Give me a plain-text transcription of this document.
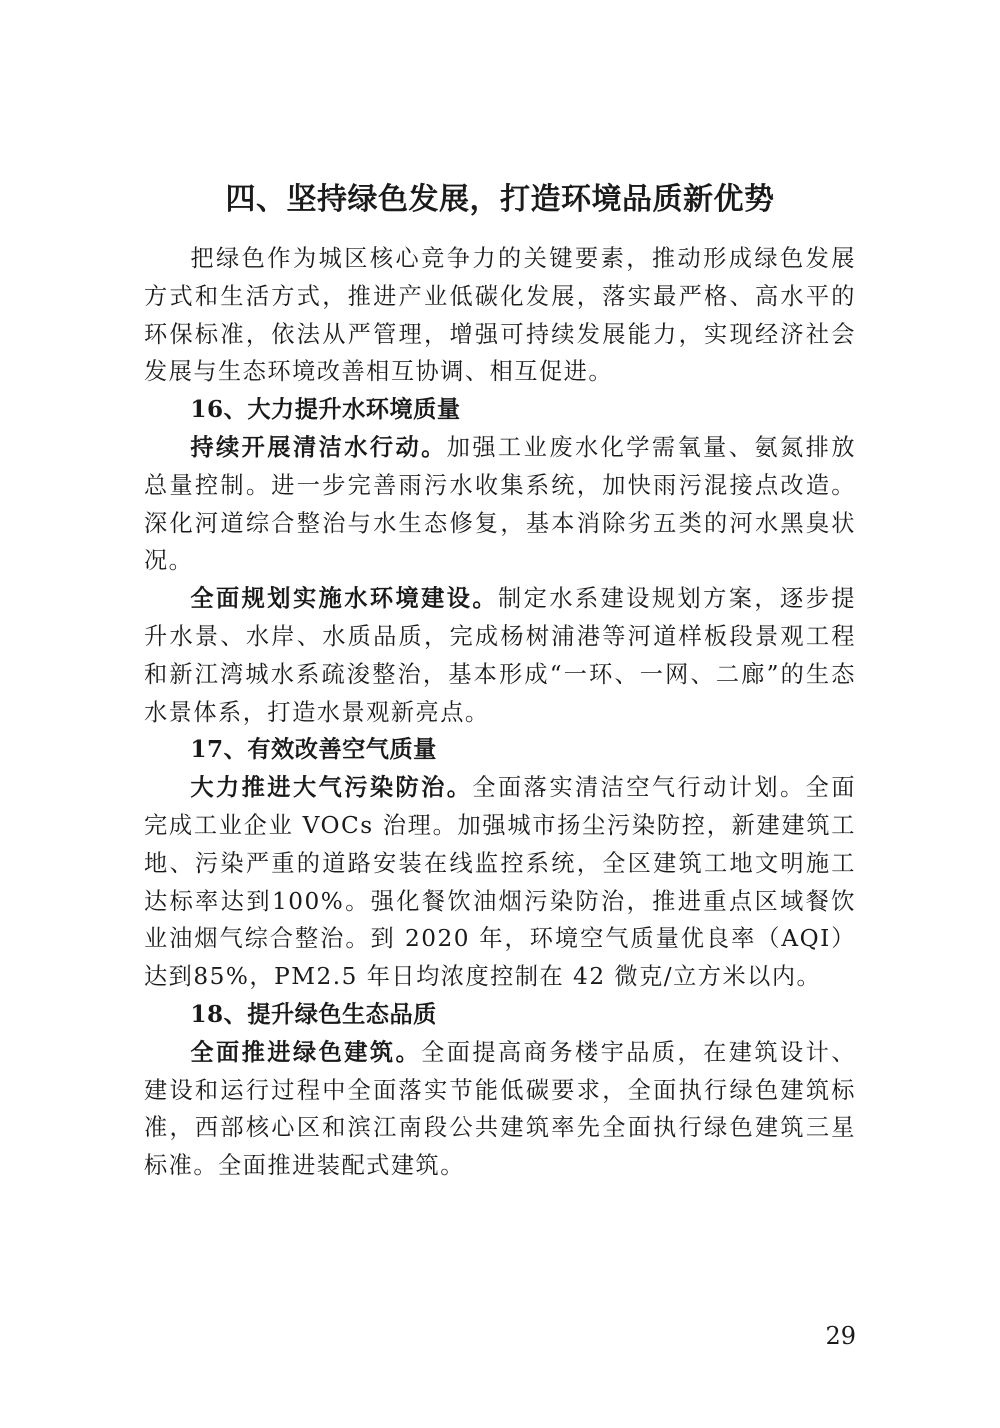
四、坚持绿色发展，打造环境品质新优势

把绿色作为城区核心竞争力的关键要素，推动形成绿色发展方式和生活方式，推进产业低碳化发展，落实最严格、高水平的环保标准，依法从严管理，增强可持续发展能力，实现经济社会发展与生态环境改善相互协调、相互促进。

16、大力提升水环境质量

持续开展清洁水行动。加强工业废水化学需氧量、氨氮排放总量控制。进一步完善雨污水收集系统，加快雨污混接点改造。深化河道综合整治与水生态修复，基本消除劣五类的河水黑臭状况。

全面规划实施水环境建设。制定水系建设规划方案，逐步提升水景、水岸、水质品质，完成杨树浦港等河道样板段景观工程和新江湾城水系疏浚整治，基本形成“一环、一网、二廊”的生态水景体系，打造水景观新亮点。

17、有效改善空气质量

大力推进大气污染防治。全面落实清洁空气行动计划。全面完成工业企业 VOCs 治理。加强城市扬尘污染防控，新建建筑工地、污染严重的道路安装在线监控系统，全区建筑工地文明施工达标率达到100%。强化餐饮油烟污染防治，推进重点区域餐饮业油烟气综合整治。到 2020 年，环境空气质量优良率（AQI）达到85%，PM2.5 年日均浓度控制在 42 微克/立方米以内。

18、提升绿色生态品质

全面推进绿色建筑。全面提高商务楼宇品质，在建筑设计、建设和运行过程中全面落实节能低碳要求，全面执行绿色建筑标准，西部核心区和滨江南段公共建筑率先全面执行绿色建筑三星标准。全面推进装配式建筑。

29
